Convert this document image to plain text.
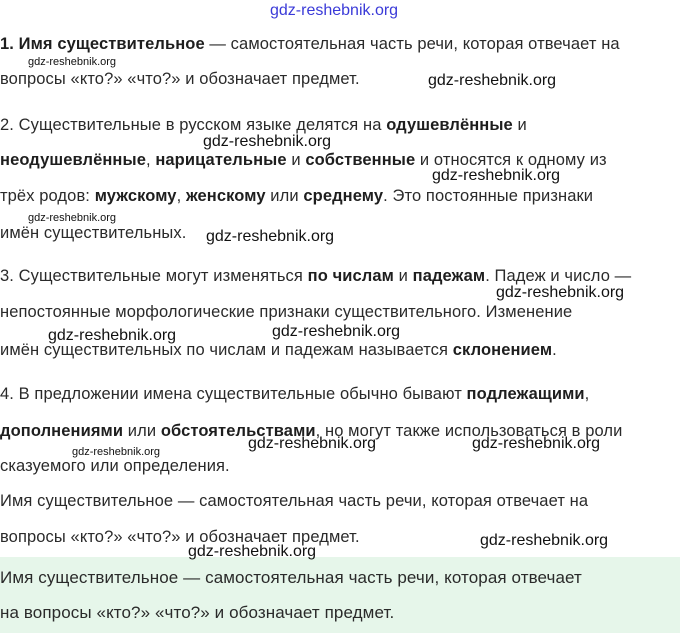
gdz-reshebnik.org
1. Имя существительное — самостоятельная часть речи, которая отвечает на
gdz-reshebnik.org
вопросы «кто?» «что?» и обозначает предмет.	gdz-reshebnik.org
2. Существительные в русском языке делятся на одушевлённые и
gdz-reshebnik.org
неодушевлённые, нарицательные и собственные и относятся к одному из
gdz-reshebnik.org
трёх родов: мужскому, женскому или среднему. Это постоянные признаки
gdz-reshebnik.org
имён существительных. gdz-reshebnik.org
3. Существительные могут изменяться по числам и падежам. Падеж и число —
gdz-reshebnik.org
непостоянные морфологические признаки существительного. Изменение
gdz-reshebnik.org	gdz-reshebnik.org
имён существительных по числам и падежам называется склонением.
4. В предложении имена существительные обычно бывают подлежащими,
дополнениями или обстоятельствами, но могут также использоваться в роли
gdz-reshebnik.org	gdz-reshebnik.org
gdz-reshebnik.org
сказуемого или определения.
Имя существительное — самостоятельная часть речи, которая отвечает на
вопросы «кто?» «что?» и обозначает предмет.	gdz-reshebnik.org
gdz-reshebnik.org
Имя существительное — самостоятельная часть речи, которая отвечает
на вопросы «кто?» «что?» и обозначает предмет.
